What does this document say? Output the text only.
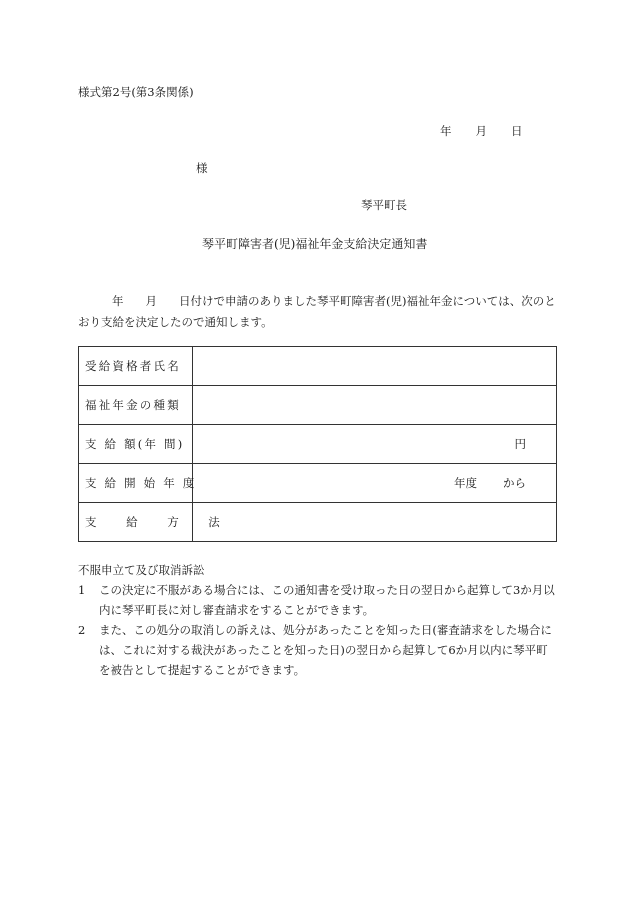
様式第2号(第3条関係)
年 月 日
様
琴平町長
琴平町障害者(児)福祉年金支給決定通知書
年 月 日付けで申請のありました琴平町障害者(児)福祉年金については、次のとおり支給を決定したので通知します。
受給資格者氏名	
福祉年金の種類	
支 給 額(年 間)	円
支 給 開 始 年 度	年度 から
支　　給　　方　　法	
不服申立て及び取消訴訟
1	この決定に不服がある場合には、この通知書を受け取った日の翌日から起算して3か月以内に琴平町長に対し審査請求をすることができます。
2	また、この処分の取消しの訴えは、処分があったことを知った日(審査請求をした場合には、これに対する裁決があったことを知った日)の翌日から起算して6か月以内に琴平町を被告として提起することができます。
